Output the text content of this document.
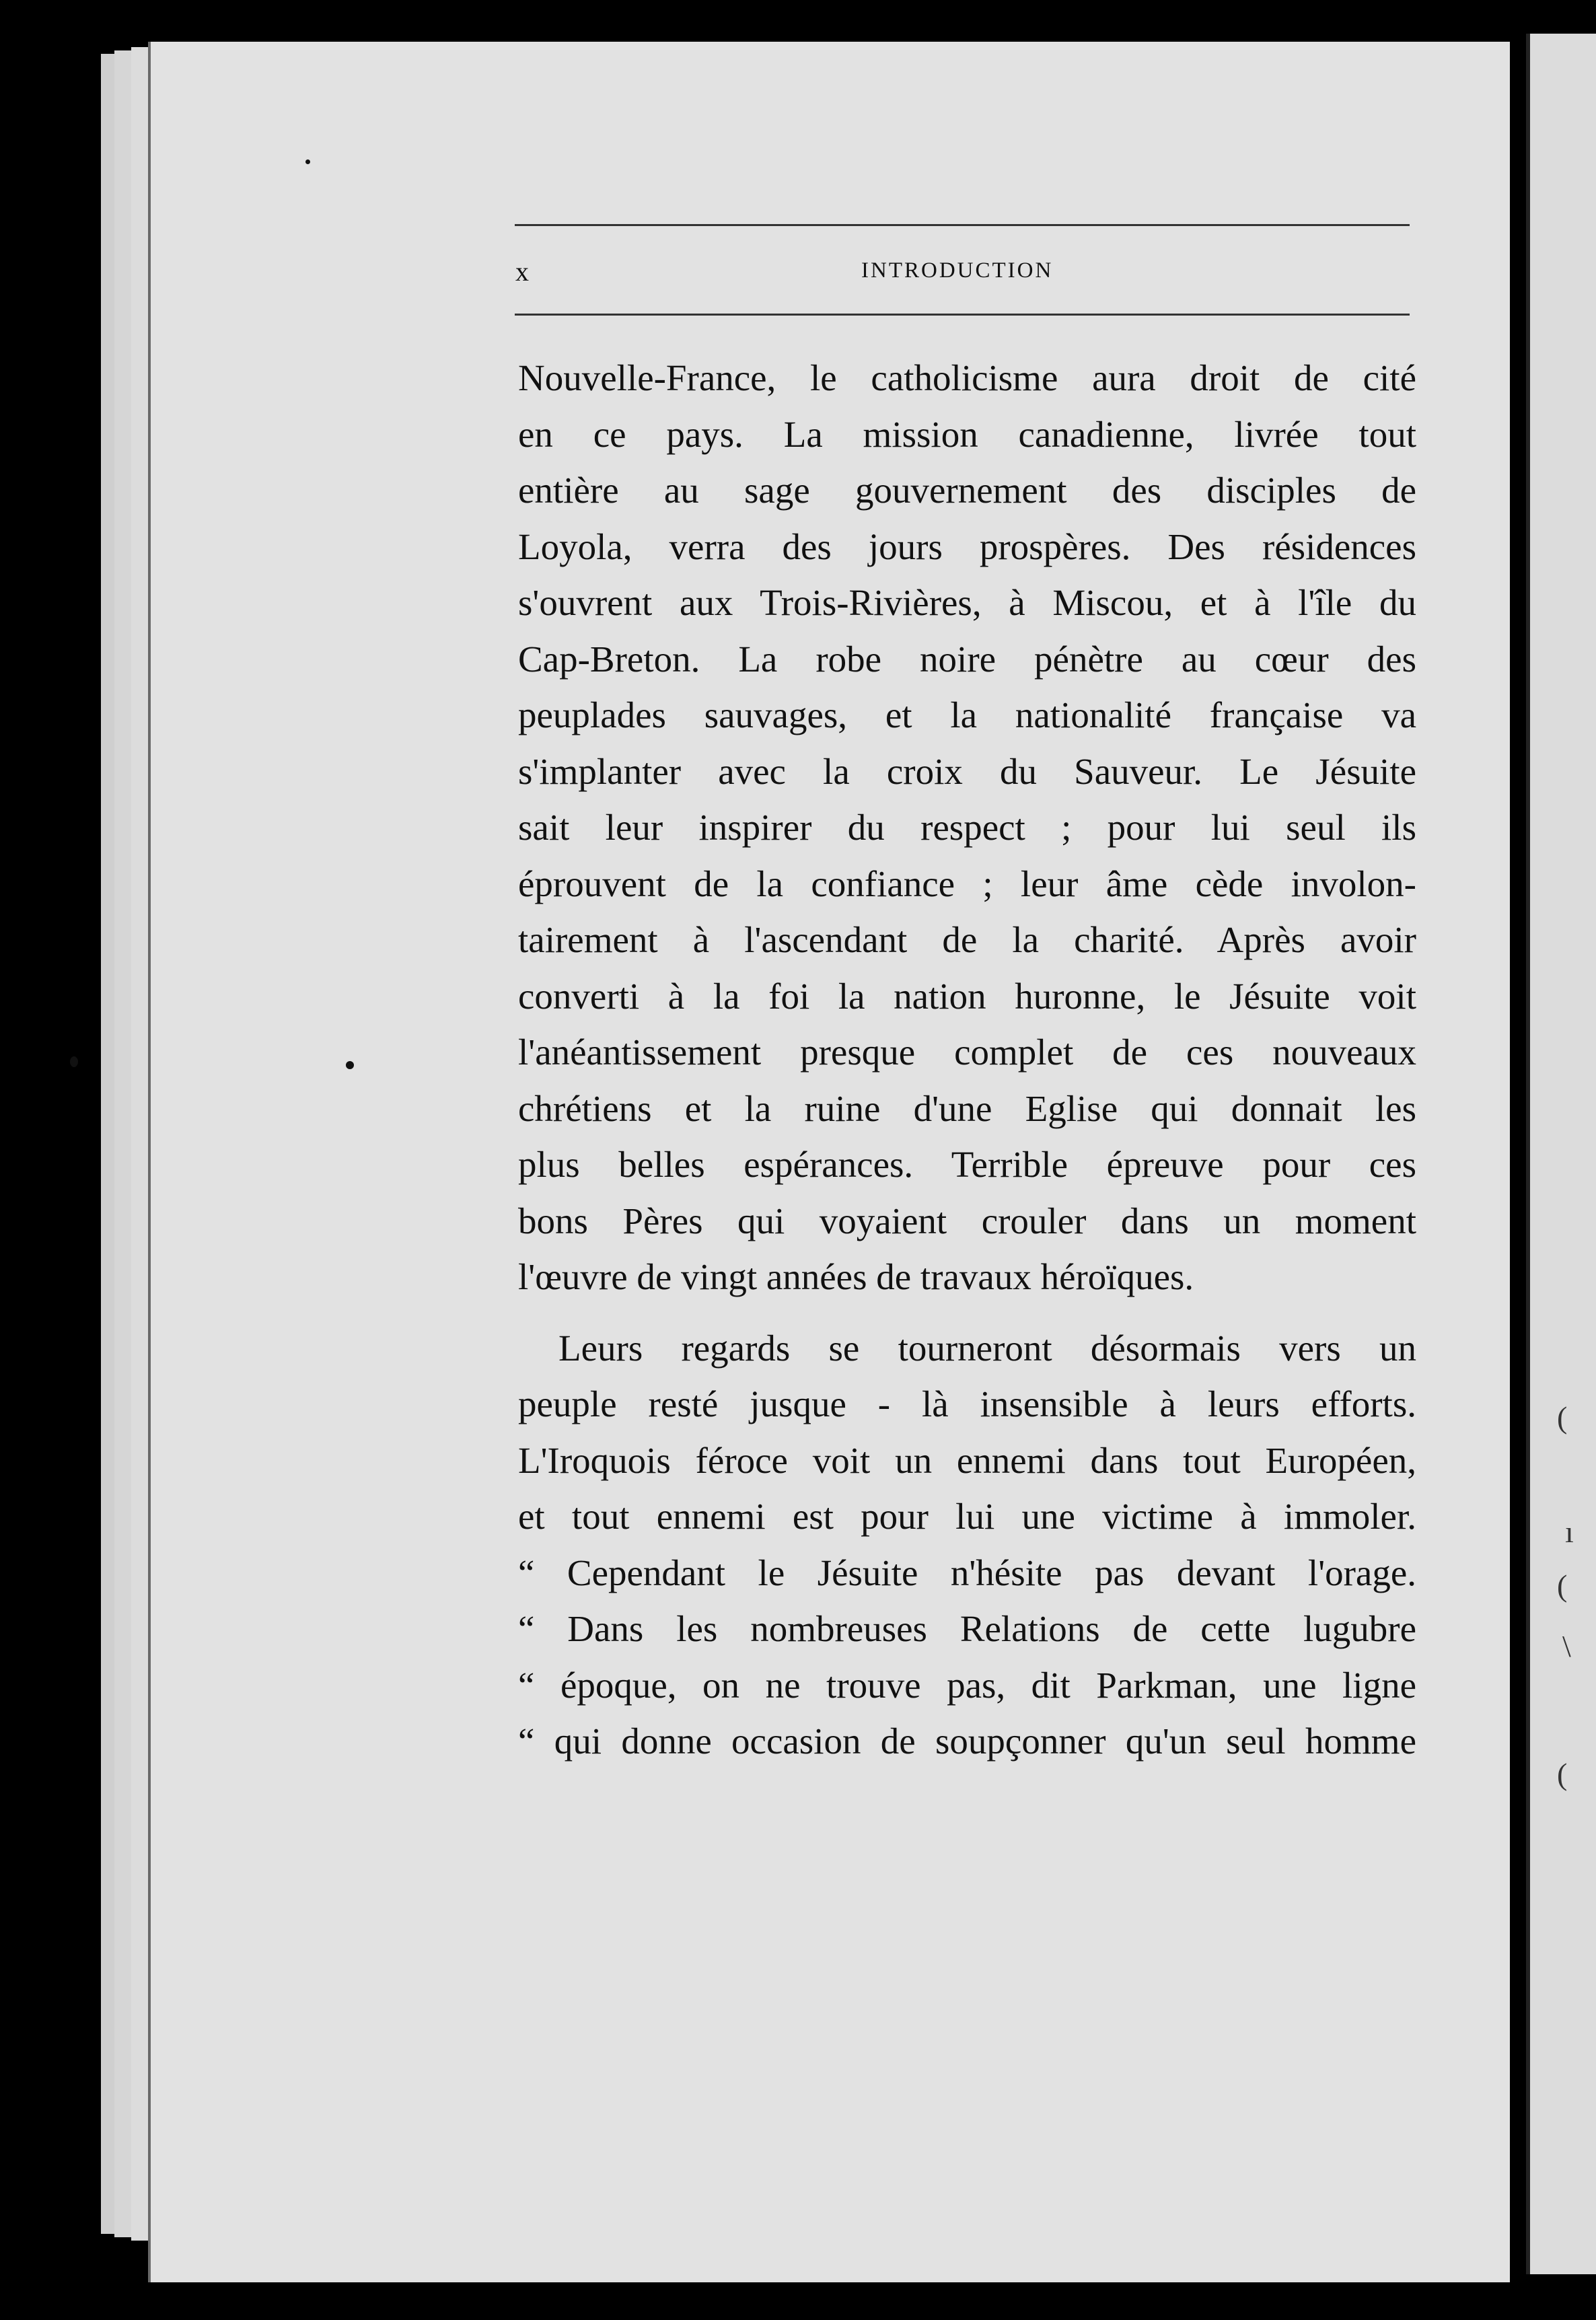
(
ı
(
\
(
x	INTRODUCTION
Nouvelle-France, le catholicisme aura droit de cité
en ce pays. La mission canadienne, livrée tout
entière au sage gouvernement des disciples de
Loyola, verra des jours prospères. Des résidences
s'ouvrent aux Trois-Rivières, à Miscou, et à l'île du
Cap-Breton. La robe noire pénètre au cœur des
peuplades sauvages, et la nationalité française va
s'implanter avec la croix du Sauveur. Le Jésuite
sait leur inspirer du respect ; pour lui seul ils
éprouvent de la confiance ; leur âme cède involon-
tairement à l'ascendant de la charité. Après avoir
converti à la foi la nation huronne, le Jésuite voit
l'anéantissement presque complet de ces nouveaux
chrétiens et la ruine d'une Eglise qui donnait les
plus belles espérances. Terrible épreuve pour ces
bons Pères qui voyaient crouler dans un moment
l'œuvre de vingt années de travaux héroïques.
Leurs regards se tourneront désormais vers un
peuple resté jusque - là insensible à leurs efforts.
L'Iroquois féroce voit un ennemi dans tout Européen,
et tout ennemi est pour lui une victime à immoler.
“ Cependant le Jésuite n'hésite pas devant l'orage.
“ Dans les nombreuses Relations de cette lugubre
“ époque, on ne trouve pas, dit Parkman, une ligne
“ qui donne occasion de soupçonner qu'un seul homme
